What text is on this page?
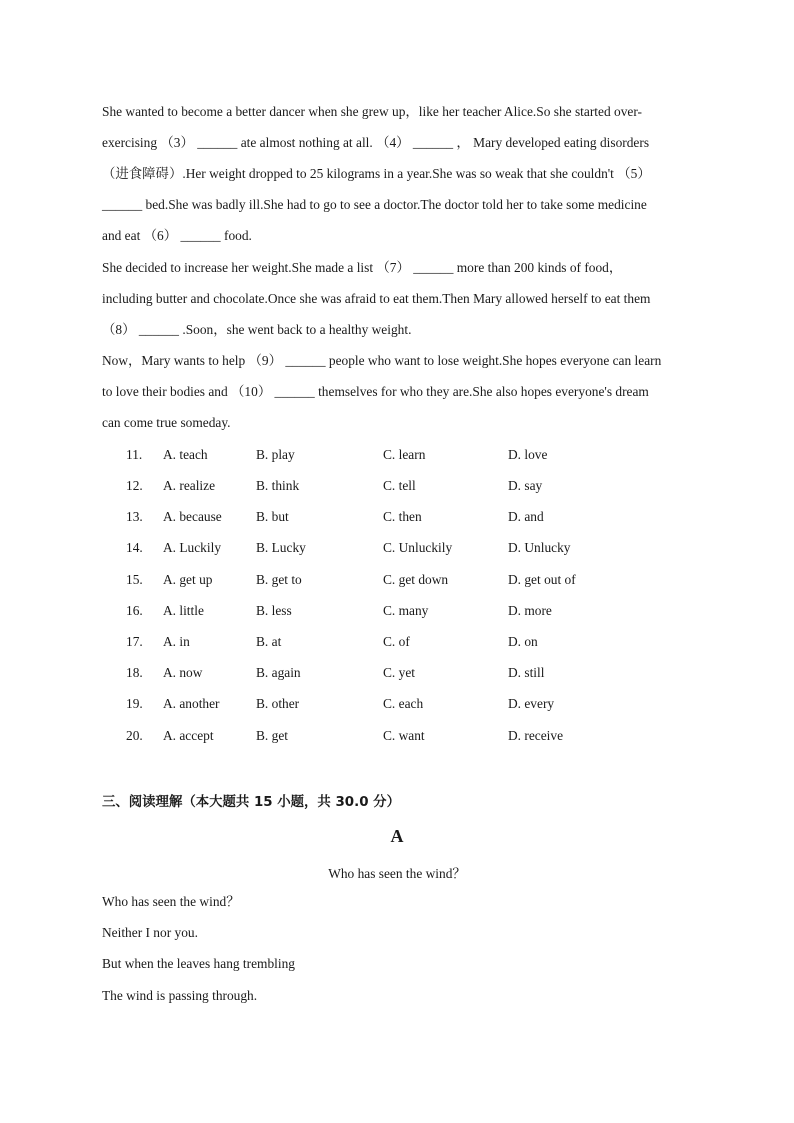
She wanted to become a better dancer when she grew up，like her teacher Alice.So she started over-
exercising （3） ______ ate almost nothing at all. （4） ______ ， Mary developed eating disorders
（进食障碍）.Her weight dropped to 25 kilograms in a year.She was so weak that she couldn't （5）
______ bed.She was badly ill.She had to go to see a doctor.The doctor told her to take some medicine
and eat （6） ______ food.
She decided to increase her weight.She made a list （7） ______ more than 200 kinds of food，
including butter and chocolate.Once she was afraid to eat them.Then Mary allowed herself to eat them
（8） ______ .Soon，she went back to a healthy weight.
Now，Mary wants to help （9） ______ people who want to lose weight.She hopes everyone can learn
to love their bodies and （10） ______ themselves for who they are.She also hopes everyone's dream
can come true someday.
11. A. teach	B. play	C. learn	D. love
12. A. realize	B. think	C. tell	D. say
13. A. because	B. but	C. then	D. and
14. A. Luckily	B. Lucky	C. Unluckily	D. Unlucky
15. A. get up	B. get to	C. get down	D. get out of
16. A. little	B. less	C. many	D. more
17. A. in	B. at	C. of	D. on
18. A. now	B. again	C. yet	D. still
19. A. another	B. other	C. each	D. every
20. A. accept	B. get	C. want	D. receive
三、阅读理解（本大题共 15 小题，共 30.0 分）
A
Who has seen the wind？
Who has seen the wind？
Neither I nor you.
But when the leaves hang trembling
The wind is passing through.
